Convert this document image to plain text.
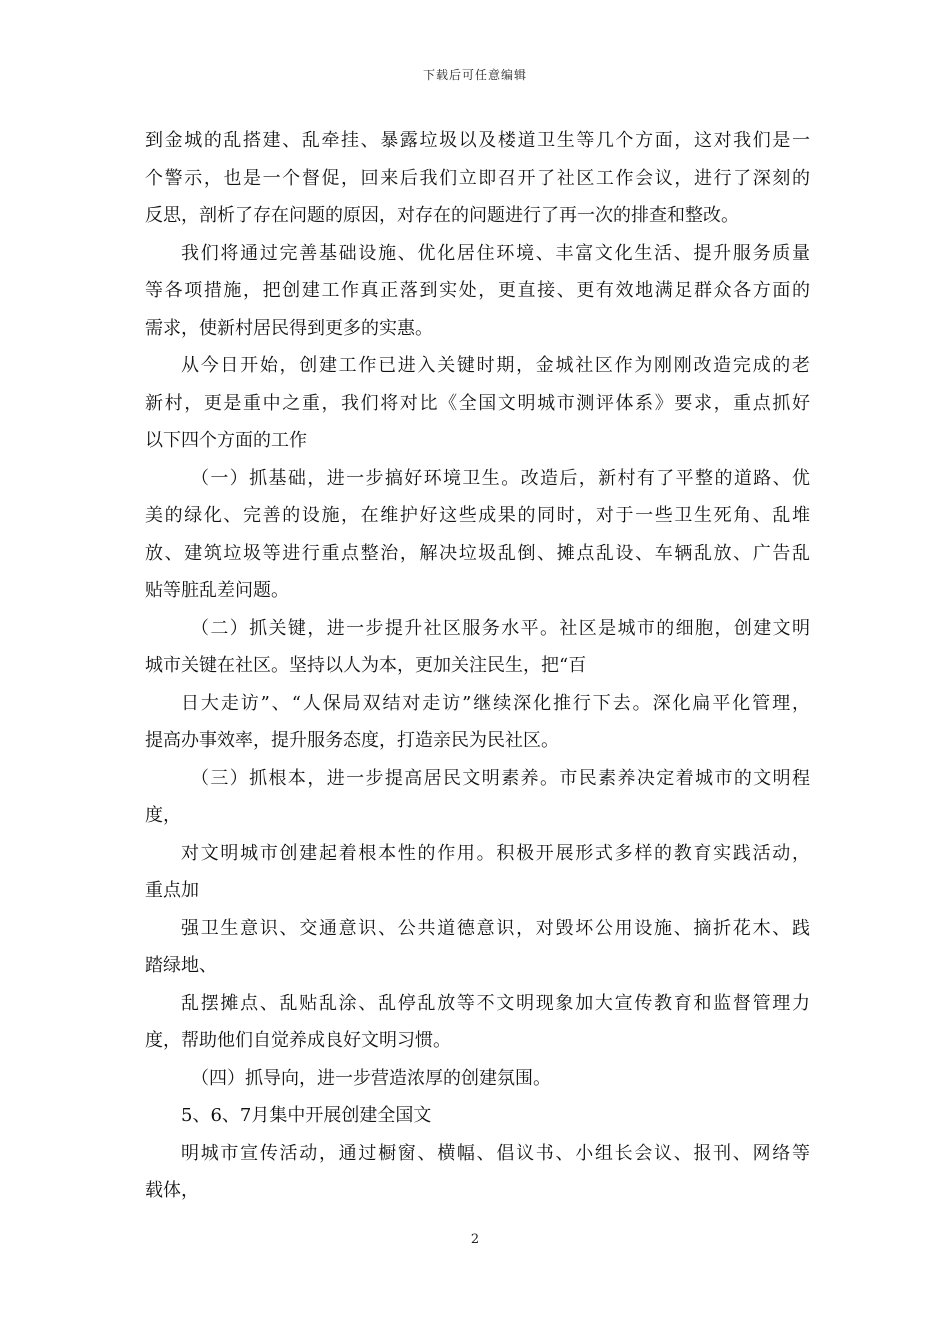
下载后可任意编辑
到金城的乱搭建、乱牵挂、暴露垃圾以及楼道卫生等几个方面，这对我们是一
个警示，也是一个督促，回来后我们立即召开了社区工作会议，进行了深刻的
反思，剖析了存在问题的原因，对存在的问题进行了再一次的排查和整改。
我们将通过完善基础设施、优化居住环境、丰富文化生活、提升服务质量
等各项措施，把创建工作真正落到实处，更直接、更有效地满足群众各方面的
需求，使新村居民得到更多的实惠。
从今日开始，创建工作已进入关键时期，金城社区作为刚刚改造完成的老
新村，更是重中之重，我们将对比《全国文明城市测评体系》要求，重点抓好
以下四个方面的工作
（一）抓基础，进一步搞好环境卫生。改造后，新村有了平整的道路、优
美的绿化、完善的设施，在维护好这些成果的同时，对于一些卫生死角、乱堆
放、建筑垃圾等进行重点整治，解决垃圾乱倒、摊点乱设、车辆乱放、广告乱
贴等脏乱差问题。
（二）抓关键，进一步提升社区服务水平。社区是城市的细胞，创建文明
城市关键在社区。坚持以人为本，更加关注民生，把“百
日大走访”、“人保局双结对走访”继续深化推行下去。深化扁平化管理，
提高办事效率，提升服务态度，打造亲民为民社区。
（三）抓根本，进一步提高居民文明素养。市民素养决定着城市的文明程
度，
对文明城市创建起着根本性的作用。积极开展形式多样的教育实践活动，
重点加
强卫生意识、交通意识、公共道德意识，对毁坏公用设施、摘折花木、践
踏绿地、
乱摆摊点、乱贴乱涂、乱停乱放等不文明现象加大宣传教育和监督管理力
度，帮助他们自觉养成良好文明习惯。
（四）抓导向，进一步营造浓厚的创建氛围。
5、6、7月集中开展创建全国文
明城市宣传活动，通过橱窗、横幅、倡议书、小组长会议、报刊、网络等
载体，
2
